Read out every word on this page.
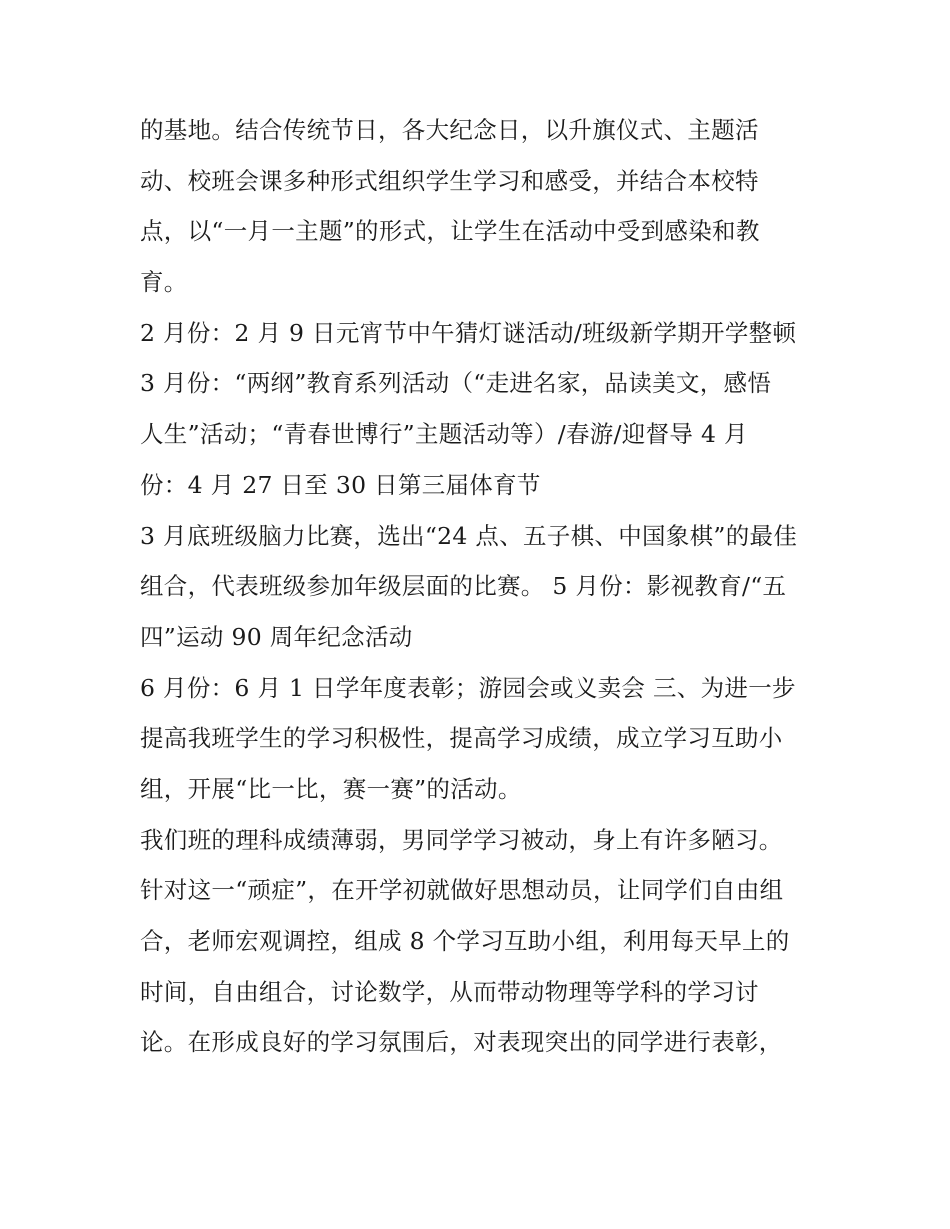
的基地。结合传统节日，各大纪念日，以升旗仪式、主题活
动、校班会课多种形式组织学生学习和感受，并结合本校特
点，以“一月一主题”的形式，让学生在活动中受到感染和教
育。
2 月份：2 月 9 日元宵节中午猜灯谜活动/班级新学期开学整顿
3 月份：“两纲”教育系列活动（“走进名家，品读美文，感悟
人生”活动；“青春世博行”主题活动等）/春游/迎督导 4 月
份：4 月 27 日至 30 日第三届体育节
3 月底班级脑力比赛，选出“24 点、五子棋、中国象棋”的最佳
组合，代表班级参加年级层面的比赛。 5 月份：影视教育/“五
四”运动 90 周年纪念活动
6 月份：6 月 1 日学年度表彰；游园会或义卖会 三、为进一步
提高我班学生的学习积极性，提高学习成绩，成立学习互助小
组，开展“比一比，赛一赛”的活动。
我们班的理科成绩薄弱，男同学学习被动，身上有许多陋习。
针对这一“顽症”，在开学初就做好思想动员，让同学们自由组
合，老师宏观调控，组成 8 个学习互助小组，利用每天早上的
时间，自由组合，讨论数学，从而带动物理等学科的学习讨
论。在形成良好的学习氛围后，对表现突出的同学进行表彰，
